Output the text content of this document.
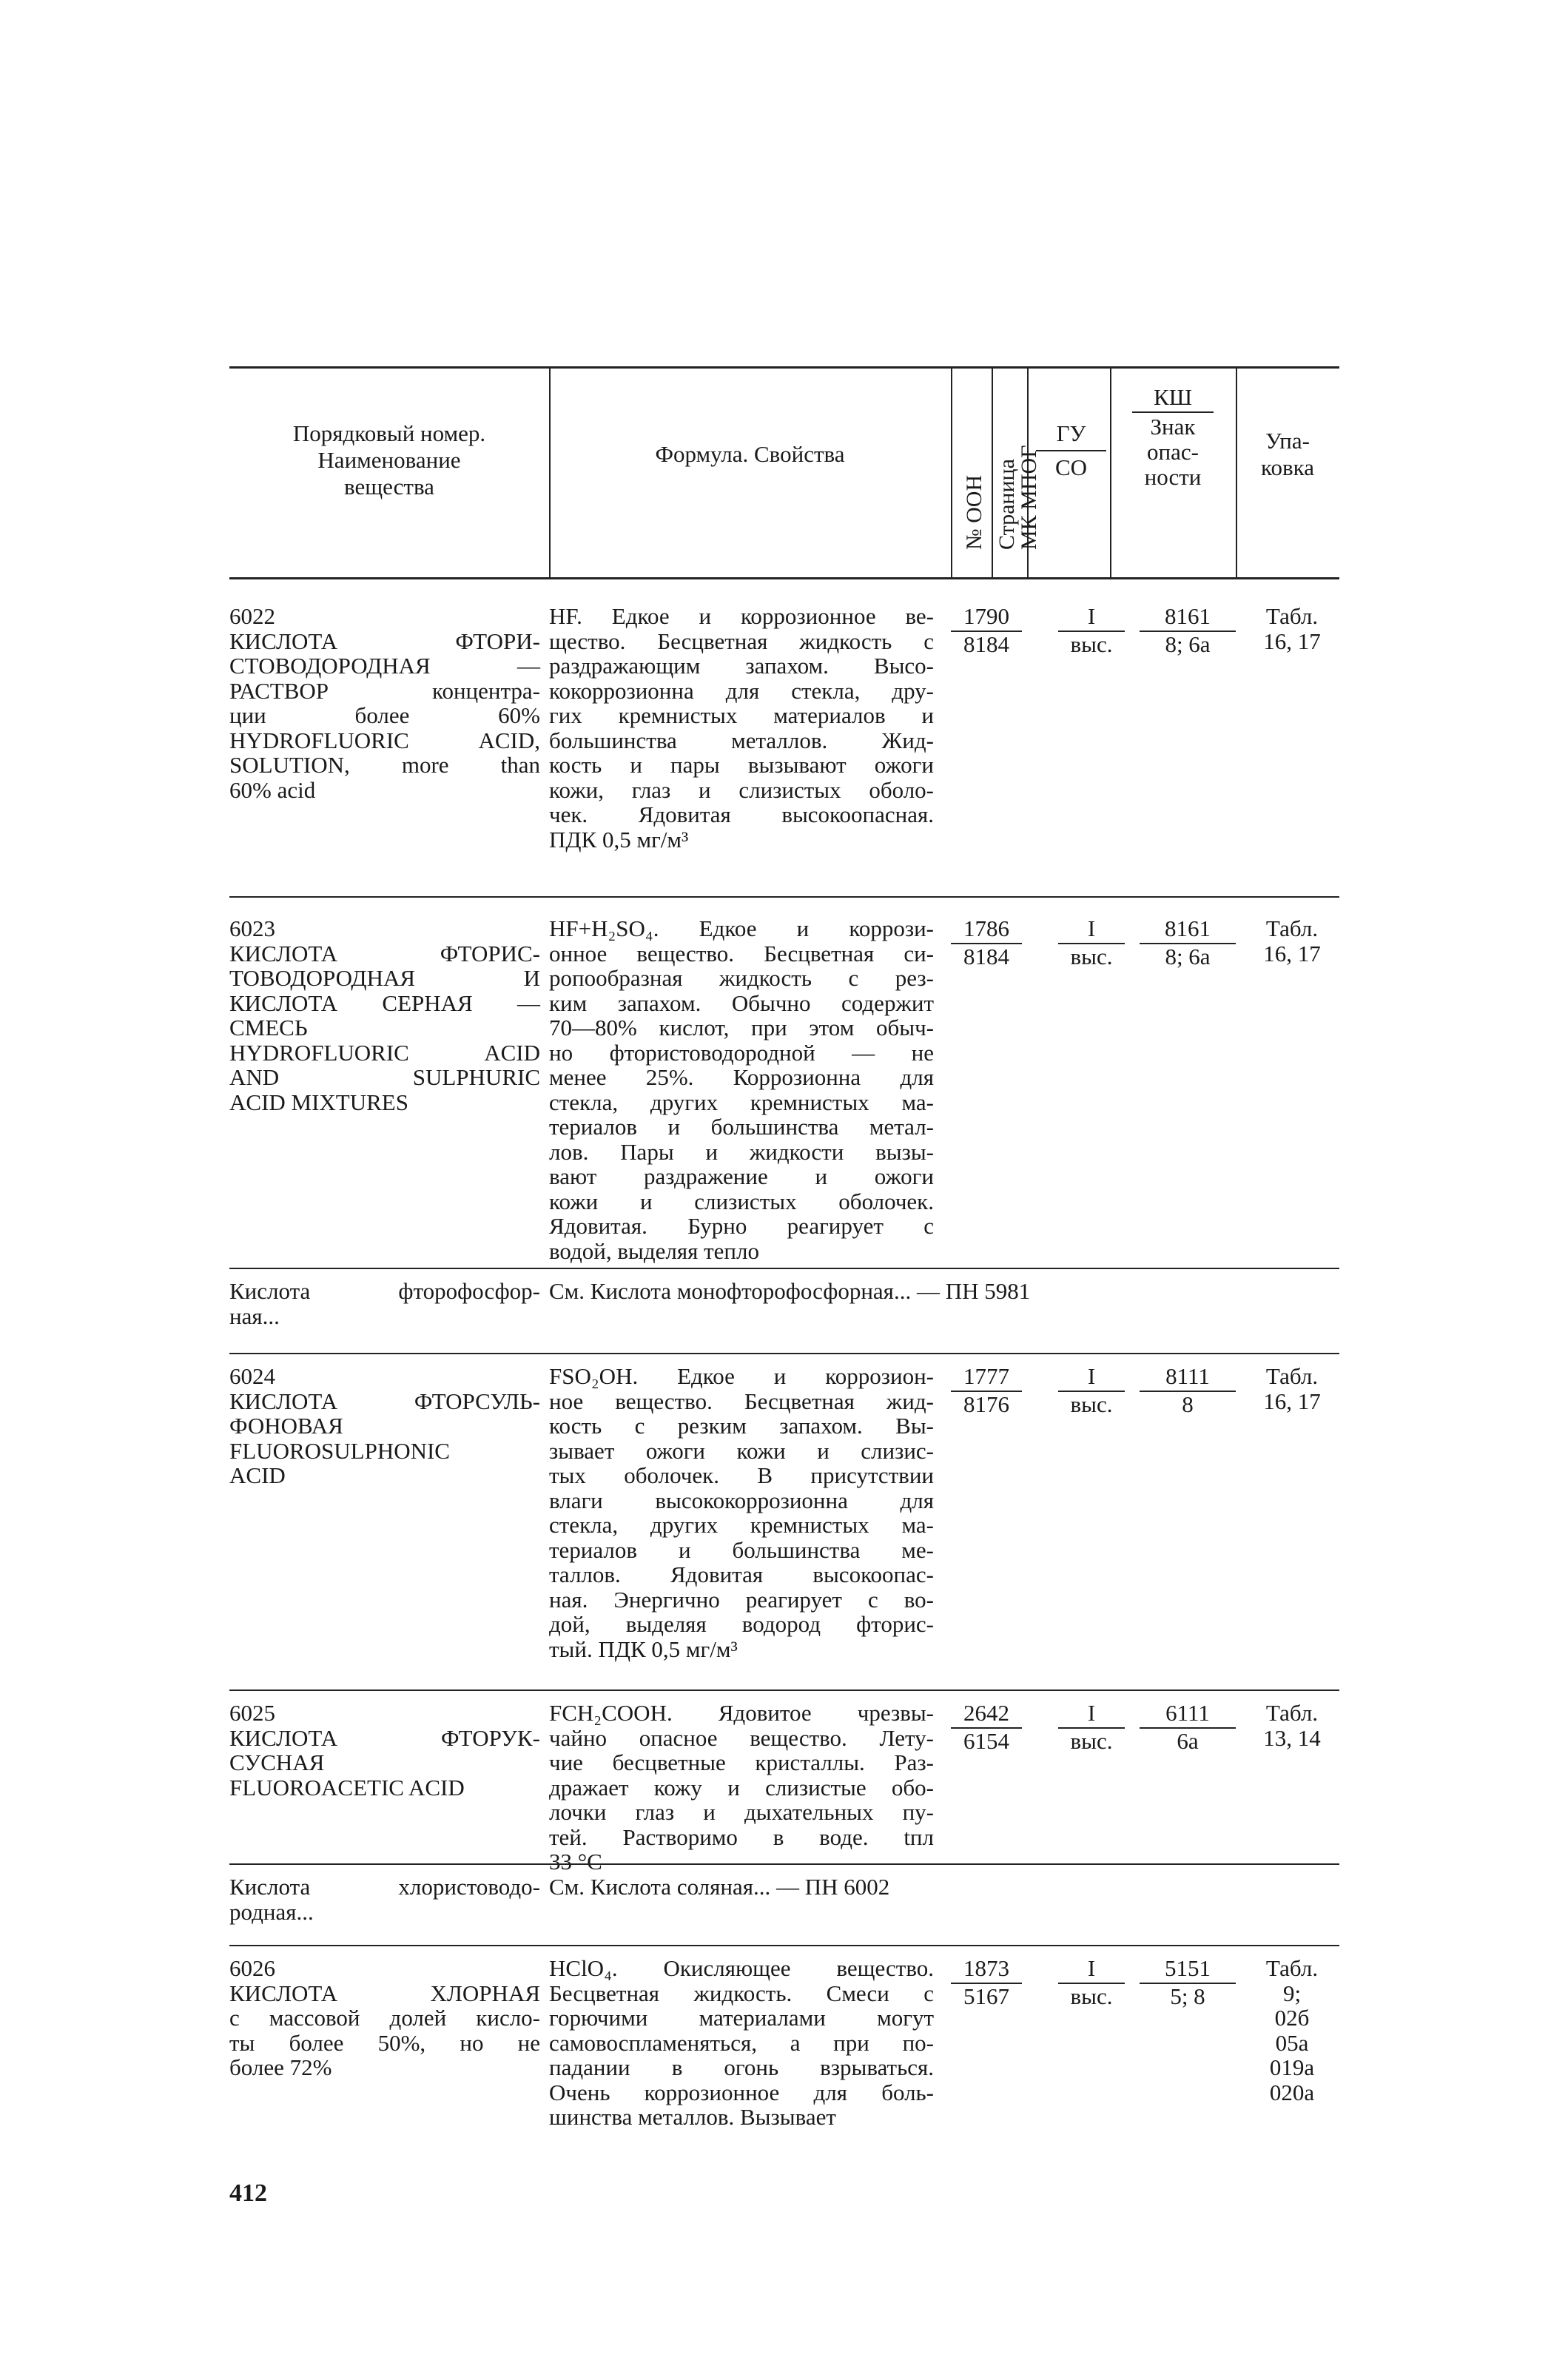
Порядковый номер.
Наименование
вещества
Формула. Свойства
№ ООН Страница
МК МПОГ
ГУ
СО
КШ
Знак
опас-
ности
Упа-
ковка
6022
КИСЛОТА ФТОРИ-
СТОВОДОРОДНАЯ —
РАСТВОР концентра-
ции более 60%
HYDROFLUORIC ACID,
SOLUTION, more than
60% acid
HF. Едкое и коррозионное ве-
щество. Бесцветная жидкость с
раздражающим запахом. Высо-
кокоррозионна для стекла, дру-
гих кремнистых материалов и
большинства металлов. Жид-
кость и пары вызывают ожоги
кожи, глаз и слизистых оболо-
чек. Ядовитая высокоопасная.
ПДК 0,5 мг/м³
1790
8184
I
выс.
8161
8; 6а
Табл.
16, 17
6023
КИСЛОТА ФТОРИС-
ТОВОДОРОДНАЯ И
КИСЛОТА СЕРНАЯ —
СМЕСЬ
HYDROFLUORIC ACID
AND SULPHURIC
ACID MIXTURES
HF+H₂SO₄. Едкое и коррози-
онное вещество. Бесцветная си-
ропообразная жидкость с рез-
ким запахом. Обычно содержит
70—80% кислот, при этом обыч-
но фтористоводородной — не
менее 25%. Коррозионна для
стекла, других кремнистых ма-
териалов и большинства метал-
лов. Пары и жидкости вызы-
вают раздражение и ожоги
кожи и слизистых оболочек.
Ядовитая. Бурно реагирует с
водой, выделяя тепло
1786
8184
I
выс.
8161
8; 6а
Табл.
16, 17
Кислота фторофосфор-
ная...
См. Кислота монофторофосфорная... — ПН 5981
6024
КИСЛОТА ФТОРСУЛЬ-
ФОНОВАЯ
FLUOROSULPHONIC
ACID
FSO₂OH. Едкое и коррозион-
ное вещество. Бесцветная жид-
кость с резким запахом. Вы-
зывает ожоги кожи и слизис-
тых оболочек. В присутствии
влаги высококоррозионна для
стекла, других кремнистых ма-
териалов и большинства ме-
таллов. Ядовитая высокоопас-
ная. Энергично реагирует с во-
дой, выделяя водород фторис-
тый. ПДК 0,5 мг/м³
1777
8176
I
выс.
8111
8
Табл.
16, 17
6025
КИСЛОТА ФТОРУК-
СУСНАЯ
FLUOROACETIC ACID
FCH₂COOH. Ядовитое чрезвы-
чайно опасное вещество. Лету-
чие бесцветные кристаллы. Раз-
дражает кожу и слизистые обо-
лочки глаз и дыхательных пу-
тей. Растворимо в воде. tпл
33 °С
2642
6154
I
выс.
6111
6а
Табл.
13, 14
Кислота хлористоводо-
родная...
См. Кислота соляная... — ПН 6002
6026
КИСЛОТА ХЛОРНАЯ
с массовой долей кисло-
ты более 50%, но не
более 72%
HClO₄. Окисляющее вещество.
Бесцветная жидкость. Смеси с
горючими материалами могут
самовоспламеняться, а при по-
падании в огонь взрываться.
Очень коррозионное для боль-
шинства металлов. Вызывает
1873
5167
I
выс.
5151
5; 8
Табл.
9;
02б
05а
019а
020а
412
